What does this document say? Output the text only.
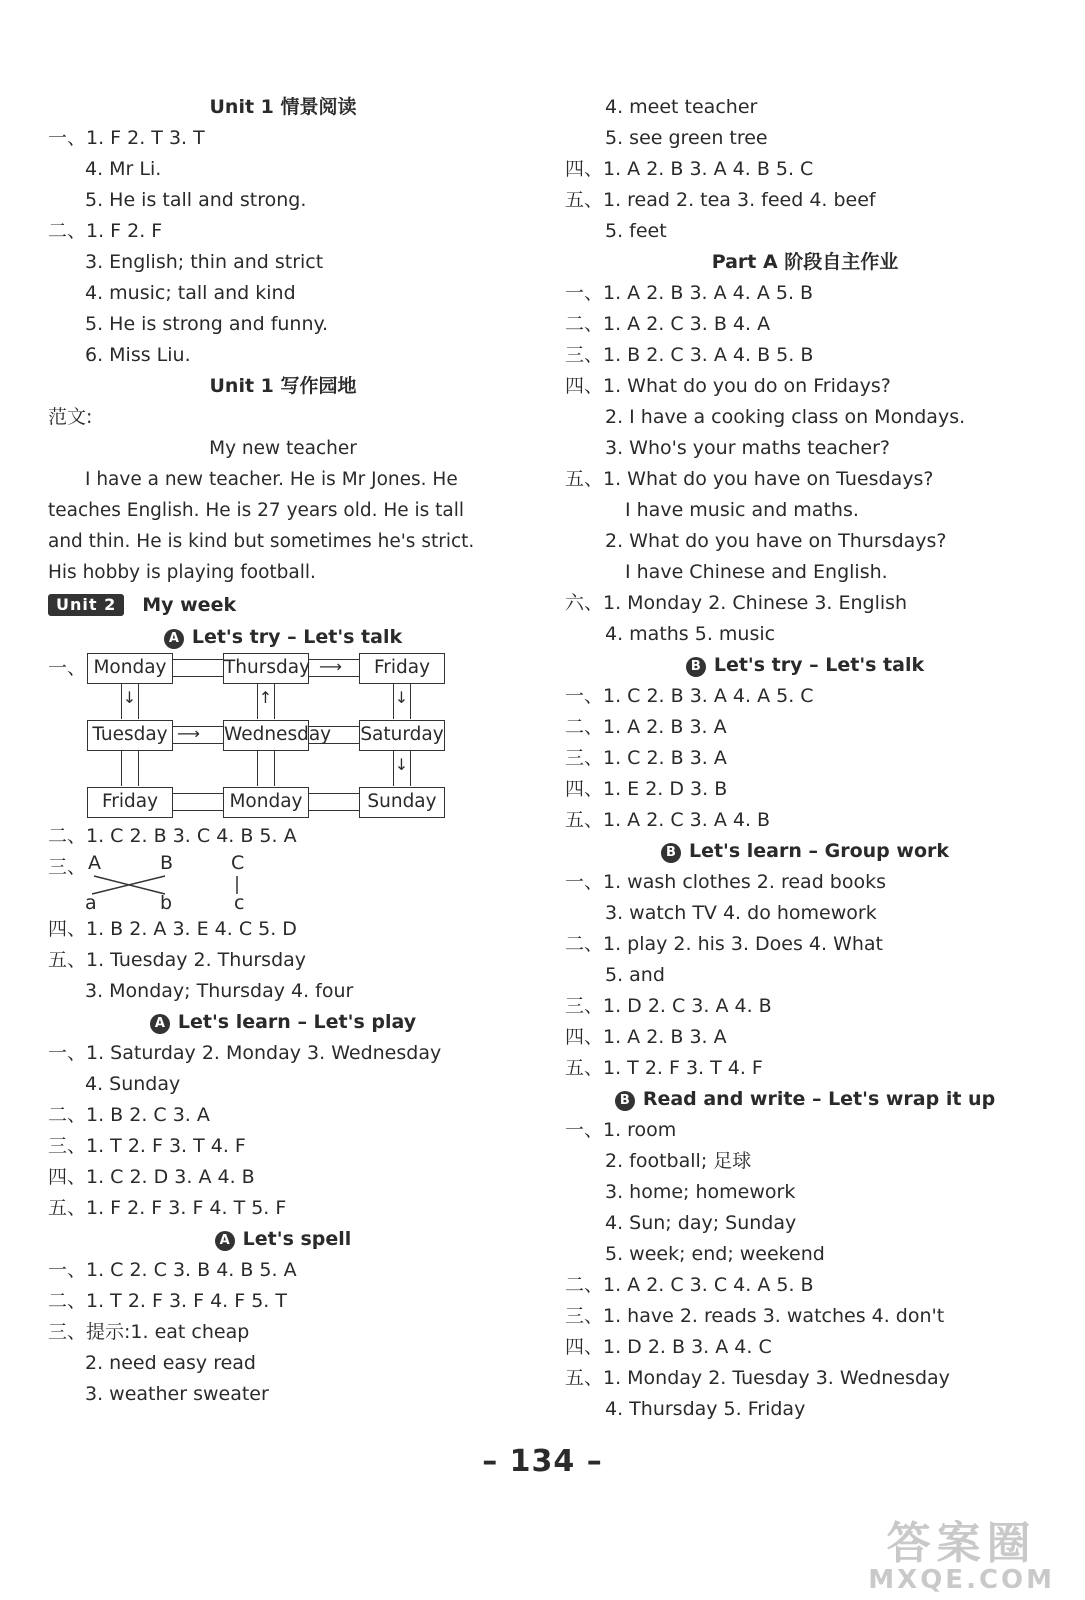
Unit 1 情景阅读
一、1. F 2. T 3. T
4. Mr Li.
5. He is tall and strong.
二、1. F 2. F
3. English; thin and strict
4. music; tall and kind
5. He is strong and funny.
6. Miss Liu.
Unit 1 写作园地
范文:
My new teacher
I have a new teacher. He is Mr Jones. He
teaches English. He is 27 years old. He is tall
and thin. He is kind but sometimes he's strict.
His hobby is playing football.
Unit 2	My week
A Let's try – Let's talk
一、	⟶
⟶
↓	↑	↓
↓
Monday	Thursday	Friday
Tuesday	Wednesday Saturday
Friday	Monday	Sunday
二、1. C 2. B 3. C 4. B 5. A
三、 A	B	C
a	b	c
四、1. B 2. A 3. E 4. C 5. D
五、1. Tuesday 2. Thursday
3. Monday; Thursday 4. four
A Let's learn – Let's play
一、1. Saturday 2. Monday 3. Wednesday
4. Sunday
二、1. B 2. C 3. A
三、1. T 2. F 3. T 4. F
四、1. C 2. D 3. A 4. B
五、1. F 2. F 3. F 4. T 5. F
A Let's spell
一、1. C 2. C 3. B 4. B 5. A
二、1. T 2. F 3. F 4. F 5. T
三、提示:1. eat cheap
2. need easy read
3. weather sweater
4. meet teacher
5. see green tree
四、1. A 2. B 3. A 4. B 5. C
五、1. read 2. tea 3. feed 4. beef
5. feet
Part A 阶段自主作业
一、1. A 2. B 3. A 4. A 5. B
二、1. A 2. C 3. B 4. A
三、1. B 2. C 3. A 4. B 5. B
四、1. What do you do on Fridays?
2. I have a cooking class on Mondays.
3. Who's your maths teacher?
五、1. What do you have on Tuesdays?
I have music and maths.
2. What do you have on Thursdays?
I have Chinese and English.
六、1. Monday 2. Chinese 3. English
4. maths 5. music
B Let's try – Let's talk
一、1. C 2. B 3. A 4. A 5. C
二、1. A 2. B 3. A
三、1. C 2. B 3. A
四、1. E 2. D 3. B
五、1. A 2. C 3. A 4. B
B Let's learn – Group work
一、1. wash clothes 2. read books
3. watch TV 4. do homework
二、1. play 2. his 3. Does 4. What
5. and
三、1. D 2. C 3. A 4. B
四、1. A 2. B 3. A
五、1. T 2. F 3. T 4. F
B Read and write – Let's wrap it up
一、1. room
2. football; 足球
3. home; homework
4. Sun; day; Sunday
5. week; end; weekend
二、1. A 2. C 3. C 4. A 5. B
三、1. have 2. reads 3. watches 4. don't
四、1. D 2. B 3. A 4. C
五、1. Monday 2. Tuesday 3. Wednesday
4. Thursday 5. Friday
– 134 –
答案圈
MXQE.COM
